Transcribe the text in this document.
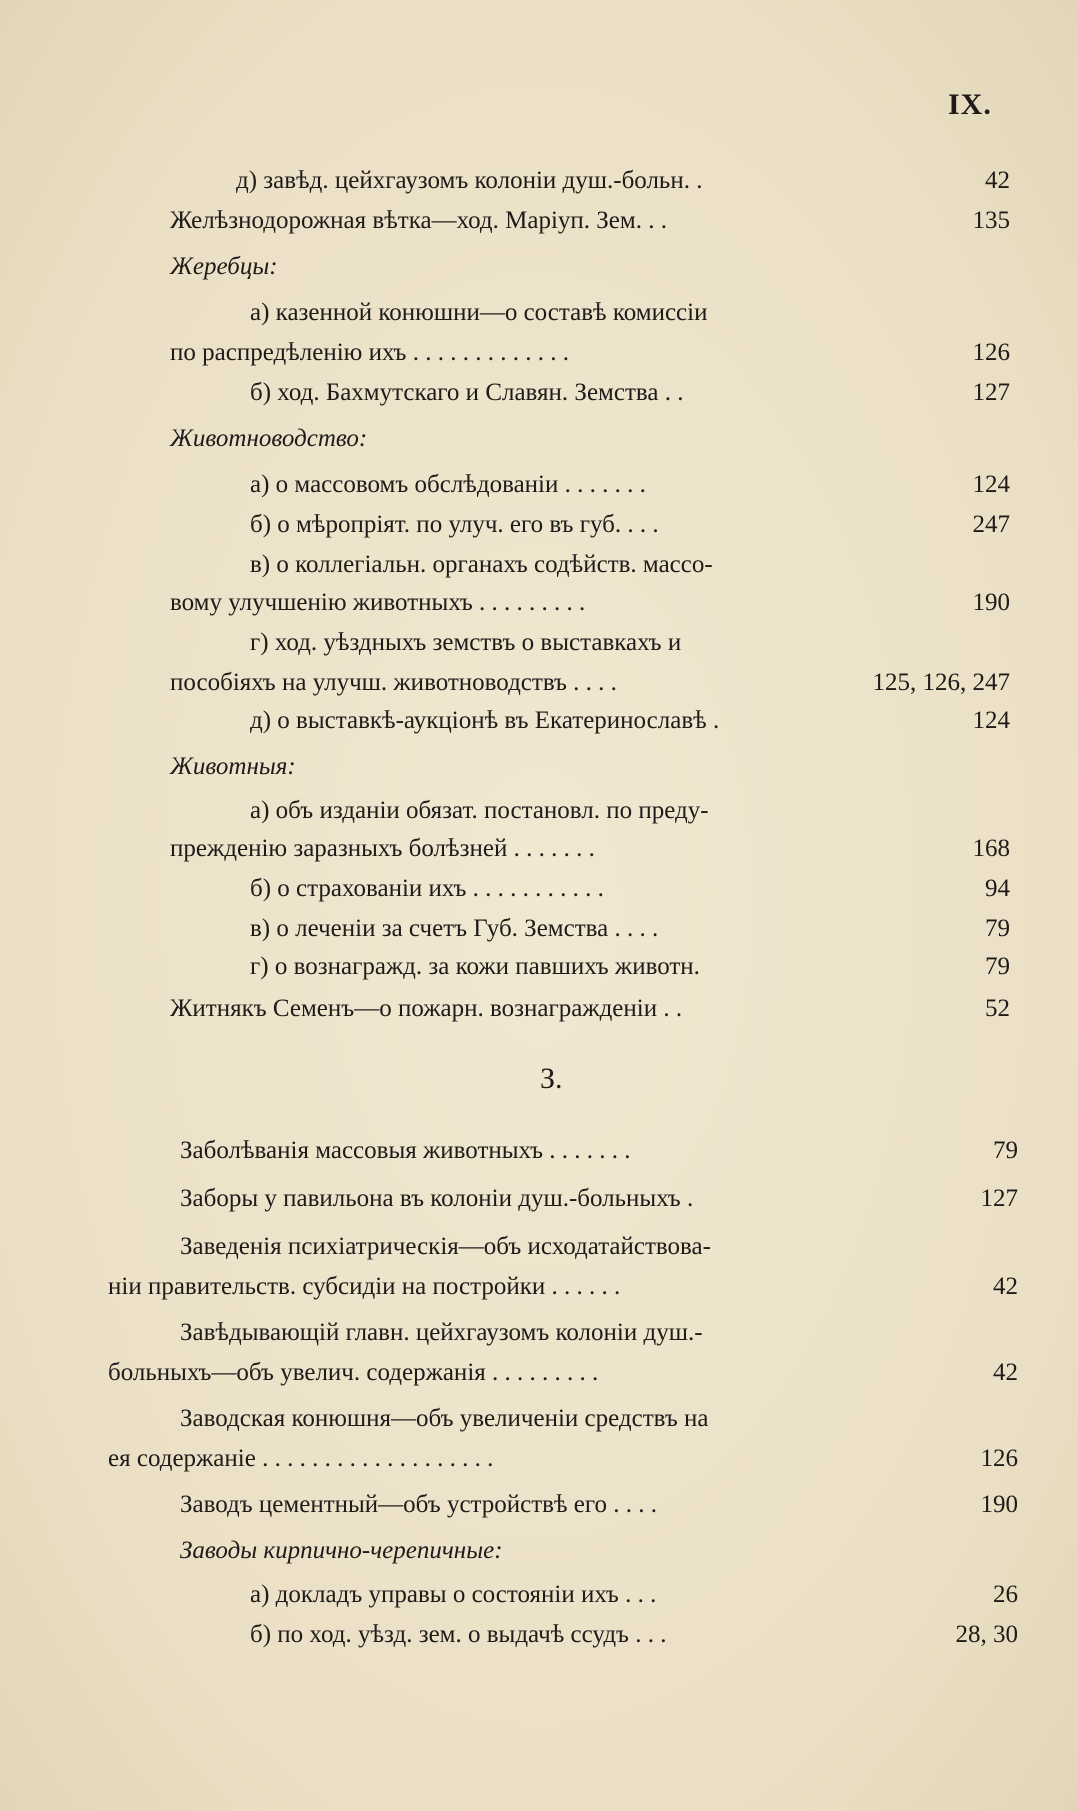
IX.
д) завѣд. цейхгаузомъ колоніи душ.-больн. .	42
Желѣзнодорожная вѣтка—ход. Маріуп. Зем. . .	135
Жеребцы:
а) казенной конюшни—о составѣ комиссіи
по распредѣленію ихъ . . . . . . . . . . . . .	126
б) ход. Бахмутскаго и Славян. Земства . .	127
Животноводство:
а) о массовомъ обслѣдованіи . . . . . . .	124
б) о мѣропріят. по улуч. его въ губ. . . .	247
в) о коллегіальн. органахъ содѣйств. массо-
вому улучшенію животныхъ . . . . . . . . .	190
г) ход. уѣздныхъ земствъ о выставкахъ и
пособіяхъ на улучш. животноводствъ . . . .	125, 126, 247
д) о выставкѣ-аукціонѣ въ Екатеринославѣ .	124
Животныя:
а) объ изданіи обязат. постановл. по преду-
прежденію заразныхъ болѣзней . . . . . . .	168
б) о страхованіи ихъ . . . . . . . . . . .	94
в) о леченіи за счетъ Губ. Земства . . . .	79
г) о вознагражд. за кожи павшихъ животн.	79
Житнякъ Семенъ—о пожарн. вознагражденіи . .	52
З.
Заболѣванія массовыя животныхъ . . . . . . .	79
Заборы у павильона въ колоніи душ.-больныхъ .	127
Заведенія психіатрическія—объ исходатайствова-
ніи правительств. субсидіи на постройки . . . . . .	42
Завѣдывающій главн. цейхгаузомъ колоніи душ.-
больныхъ—объ увелич. содержанія . . . . . . . . .	42
Заводская конюшня—объ увеличеніи средствъ на
ея содержаніе . . . . . . . . . . . . . . . . . . .	126
Заводъ цементный—объ устройствѣ его . . . .	190
Заводы кирпично-черепичные:
а) докладъ управы о состояніи ихъ . . .	26
б) по ход. уѣзд. зем. о выдачѣ ссудъ . . .	28, 30
